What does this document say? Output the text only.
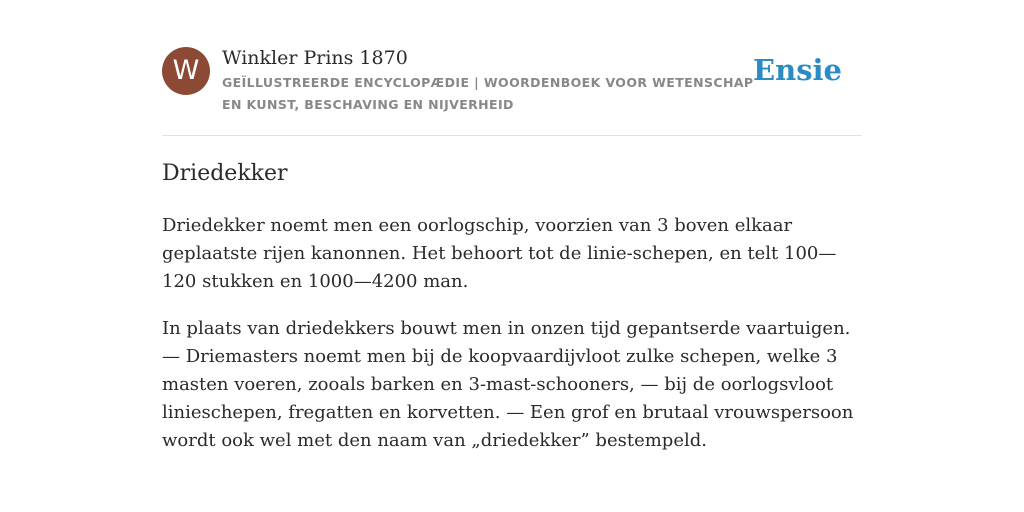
W	Winkler Prins 1870
GEÏLLUSTREERDE ENCYCLOPÆDIE | WOORDENBOEK VOOR WETENSCHAP EN KUNST, BESCHAVING EN NIJVERHEID
Ensie
Driedekker
Driedekker noemt men een oorlogschip, voorzien van 3 boven elkaar geplaatste rijen kanonnen. Het behoort tot de linie-schepen, en telt 100—120 stukken en 1000—4200 man.
In plaats van driedekkers bouwt men in onzen tijd gepantserde vaartuigen. — Driemasters noemt men bij de koopvaardijvloot zulke schepen, welke 3 masten voeren, zooals barken en 3-mast-schooners, — bij de oorlogsvloot linieschepen, fregatten en korvetten. — Een grof en brutaal vrouwspersoon wordt ook wel met den naam van „driedekker” bestempeld.
